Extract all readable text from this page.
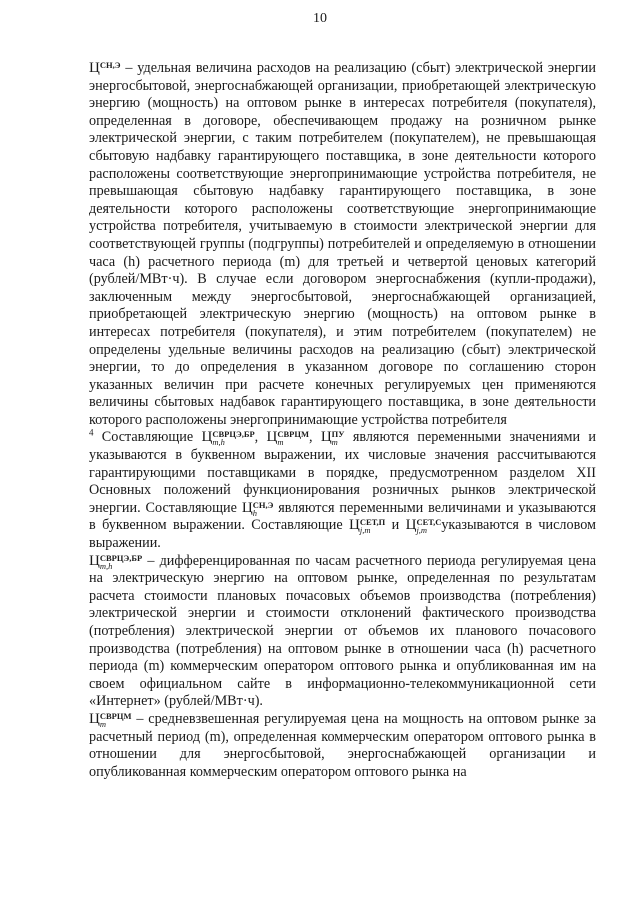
10

Ц СН,Э
– удельная величина расходов на реализацию (сбыт) электрической энергии энергосбытовой, энергоснабжающей организации, приобретающей электрическую энергию (мощность) на оптовом рынке в интересах потребителя (покупателя), определенная в договоре, обеспечивающем продажу на розничном рынке электрической энергии, с таким потребителем (покупателем), не превышающая сбытовую надбавку гарантирующего поставщика, в зоне деятельности которого расположены соответствующие энергопринимающие устройства потребителя, не превышающая сбытовую надбавку гарантирующего поставщика, в зоне деятельности которого расположены соответствующие энергопринимающие устройства потребителя, учитываемую в стоимости электрической энергии для соответствующей группы (подгруппы) потребителей и определяемую в отношении часа (h) расчетного периода (m) для третьей и четвертой ценовых категорий (рублей/МВт·ч). В случае если договором энергоснабжения (купли-продажи), заключенным между энергосбытовой, энергоснабжающей организацией, приобретающей электрическую энергию (мощность) на оптовом рынке в интересах потребителя (покупателя), и этим потребителем (покупателем) не определены удельные величины расходов на реализацию (сбыт) электрической энергии, то до определения в указанном договоре по соглашению сторон указанных величин при расчете конечных регулируемых цен применяются величины сбытовых надбавок гарантирующего поставщика, в зоне деятельности которого расположены энергопринимающие устройства потребителя

$^4$ Составляющие Ц СВРЦЭ,БР
m,h	, Ц СВРЦМ
m	, Ц ПУ
m являются переменными значениями и указываются в буквенном выражении, их числовые значения рассчитываются гарантирующими поставщиками в порядке, предусмотренном разделом XII Основных положений функционирования розничных рынков электрической энергии. Составляющие Ц СН,Э
h	являются переменными величинами и указываются в буквенном выражении. Составляющие Ц СЕТ,П
j,m	и Ц СЕТ,С
j,m	указываются в числовом выражении.

Ц СВРЦЭ,БР
m,h	– дифференцированная по часам расчетного периода регулируемая цена на электрическую энергию на оптовом рынке, определенная по результатам расчета стоимости плановых почасовых объемов производства (потребления) электрической энергии и стоимости отклонений фактического производства (потребления) электрической энергии от объемов их планового почасового производства (потребления) на оптовом рынке в отношении часа (h) расчетного периода (m) коммерческим оператором оптового рынка и опубликованная им на своем официальном сайте в информационно-телекоммуникационной сети «Интернет» (рублей/МВт·ч).

Ц СВРЦМ
m	– средневзвешенная регулируемая цена на мощность на оптовом рынке за расчетный период (m), определенная коммерческим оператором оптового рынка в отношении для энергосбытовой, энергоснабжающей организации и опубликованная коммерческим оператором оптового рынка на
